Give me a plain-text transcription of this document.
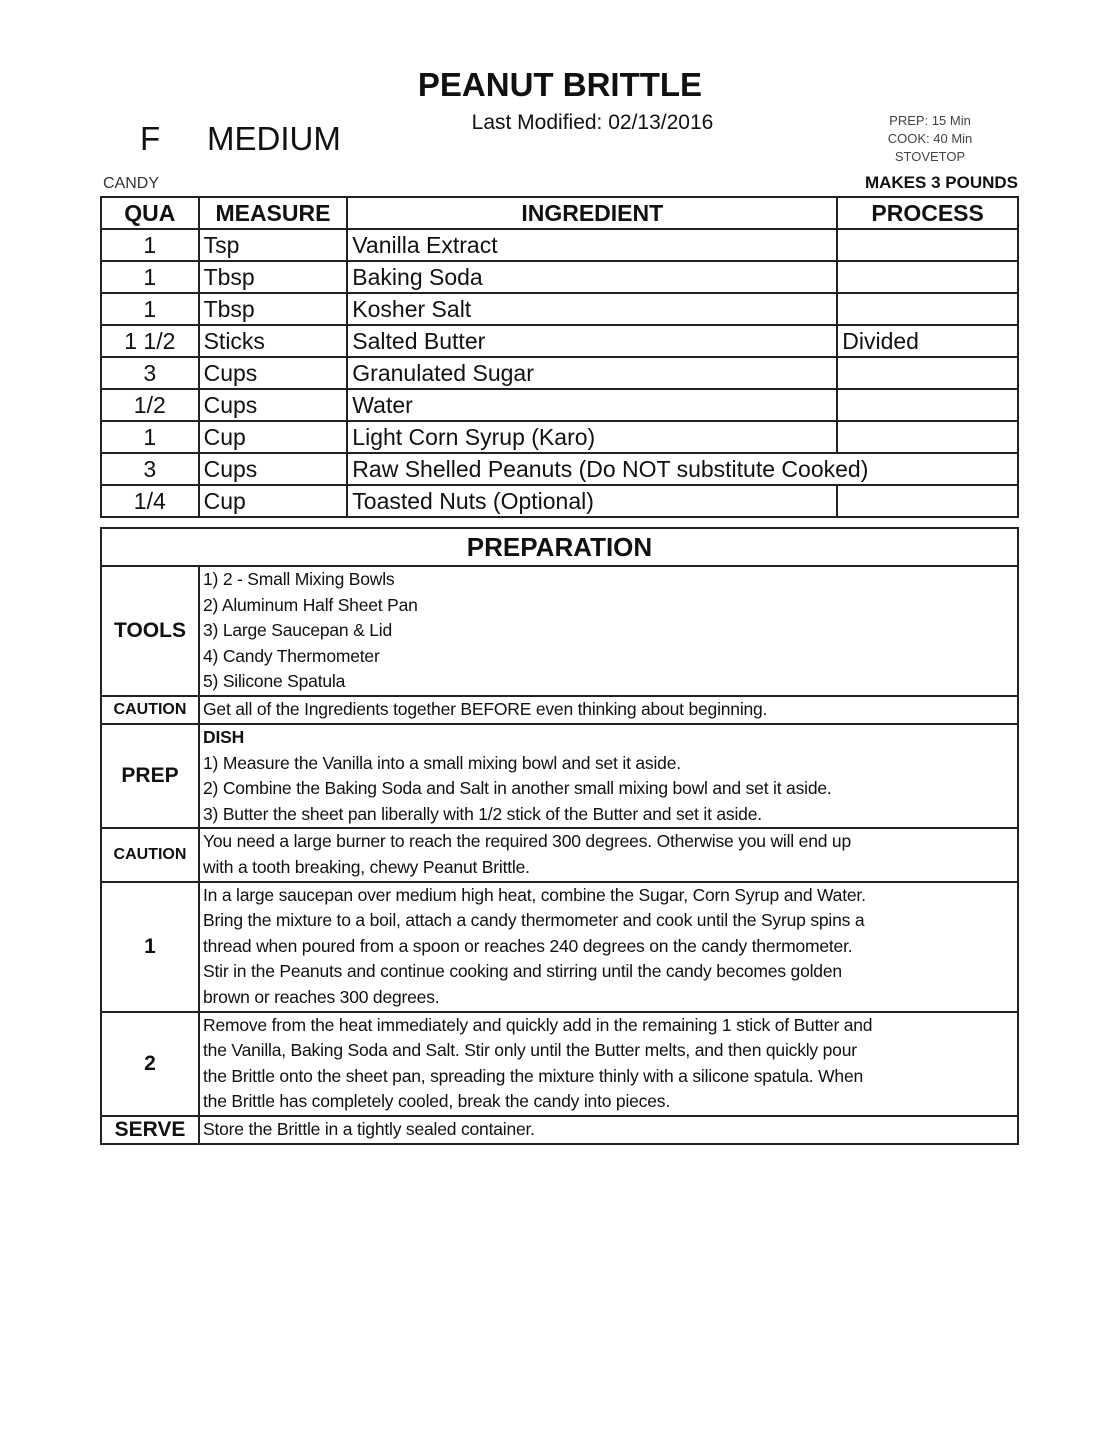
PEANUT BRITTLE
Last Modified: 02/13/2016
F MEDIUM	PREP: 15 Min
COOK: 40 Min
STOVETOP
CANDY	MAKES 3 POUNDS
QUA	MEASURE	INGREDIENT	PROCESS
1	Tsp	Vanilla Extract	
1	Tbsp	Baking Soda	
1	Tbsp	Kosher Salt	
1 1/2	Sticks	Salted Butter	Divided
3	Cups	Granulated Sugar	
1/2	Cups	Water	
1	Cup	Light Corn Syrup (Karo)	
3	Cups	Raw Shelled Peanuts (Do NOT substitute Cooked)	
1/4	Cup	Toasted Nuts (Optional)	
PREPARATION	
TOOLS	1) 2 - Small Mixing Bowls
2) Aluminum Half Sheet Pan
3) Large Saucepan & Lid
4) Candy Thermometer
5) Silicone Spatula

CAUTION	Get all of the Ingredients together BEFORE even thinking about beginning.

PREP	DISH
1) Measure the Vanilla into a small mixing bowl and set it aside.
2) Combine the Baking Soda and Salt in another small mixing bowl and set it aside.
3) Butter the sheet pan liberally with 1/2 stick of the Butter and set it aside.

CAUTION	You need a large burner to reach the required 300 degrees. Otherwise you will end up
with a tooth breaking, chewy Peanut Brittle.

1	In a large saucepan over medium high heat, combine the Sugar, Corn Syrup and Water.
Bring the mixture to a boil, attach a candy thermometer and cook until the Syrup spins a
thread when poured from a spoon or reaches 240 degrees on the candy thermometer.
Stir in the Peanuts and continue cooking and stirring until the candy becomes golden
brown or reaches 300 degrees.

2	Remove from the heat immediately and quickly add in the remaining 1 stick of Butter and
the Vanilla, Baking Soda and Salt. Stir only until the Butter melts, and then quickly pour
the Brittle onto the sheet pan, spreading the mixture thinly with a silicone spatula. When
the Brittle has completely cooled, break the candy into pieces.

SERVE	Store the Brittle in a tightly sealed container.
